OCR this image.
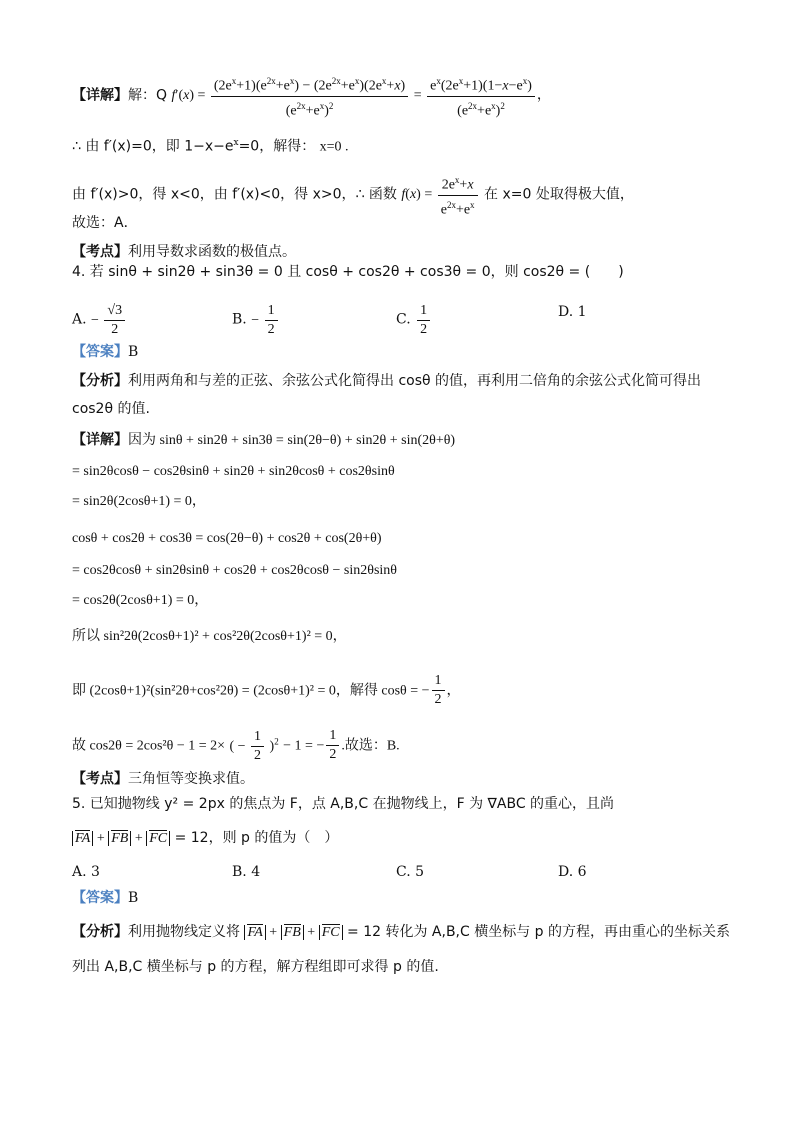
【详解】解：Q $f'(x) = \frac{(2e^x+1)(e^{2x}+e^x) - (2e^{2x}+e^x)(2e^x+x)}{(e^{2x}+e^x)^2} = \frac{e^x(2e^x+1)(1-x-e^x)}{(e^{2x}+e^x)^2}$ ，
∴ 由 f′(x)=0，即 $1-x-e^x=0$，解得： x=0 .
由 f′(x)>0，得 x<0，由 f′(x)<0，得 x>0，∴ 函数 $f(x) = \frac{2e^x+x}{e^{2x}+e^x}$ 在 x=0 处取得极大值，
故选：A．
【考点】利用导数求函数的极值点。
4. 若 sinθ + sin2θ + sin3θ = 0 且 cosθ + cos2θ + cos3θ = 0，则 cos2θ = (　　)
A. − $\frac{√3}{2}$	B. − $\frac{1}{2}$	C. $\frac{1}{2}$	D. 1
【答案】B
【分析】利用两角和与差的正弦、余弦公式化简得出 cosθ 的值，再利用二倍角的余弦公式化简可得出
cos2θ 的值.
【详解】因为 sinθ + sin2θ + sin3θ = sin(2θ−θ) + sin2θ + sin(2θ+θ)
= sin2θcosθ − cos2θsinθ + sin2θ + sin2θcosθ + cos2θsinθ
= sin2θ(2cosθ+1) = 0，
cosθ + cos2θ + cos3θ = cos(2θ−θ) + cos2θ + cos(2θ+θ)
= cos2θcosθ + sin2θsinθ + cos2θ + cos2θcosθ − sin2θsinθ
= cos2θ(2cosθ+1) = 0，
所以 sin²2θ(2cosθ+1)² + cos²2θ(2cosθ+1)² = 0，
即 (2cosθ+1)²(sin²2θ+cos²2θ) = (2cosθ+1)² = 0，解得 cosθ = − $\frac{1}{2}$ ，
故 cos2θ = 2cos²θ − 1 = 2× ( − $\frac{1}{2} )^2 - 1$ = − $\frac{1}{2}$ .故选：B.
【考点】三角恒等变换求值。
5. 已知抛物线 y² = 2px 的焦点为 F，点 A,B,C 在抛物线上，F 为 ∇ABC 的重心，且尚
FA + FB + FC = 12，则 p 的值为（　）
A. 3	B. 4	C. 5	D. 6
【答案】B
【分析】利用抛物线定义将 FA + FB + FC = 12 转化为 A,B,C 横坐标与 p 的方程，再由重心的坐标关系
列出 A,B,C 横坐标与 p 的方程，解方程组即可求得 p 的值.
